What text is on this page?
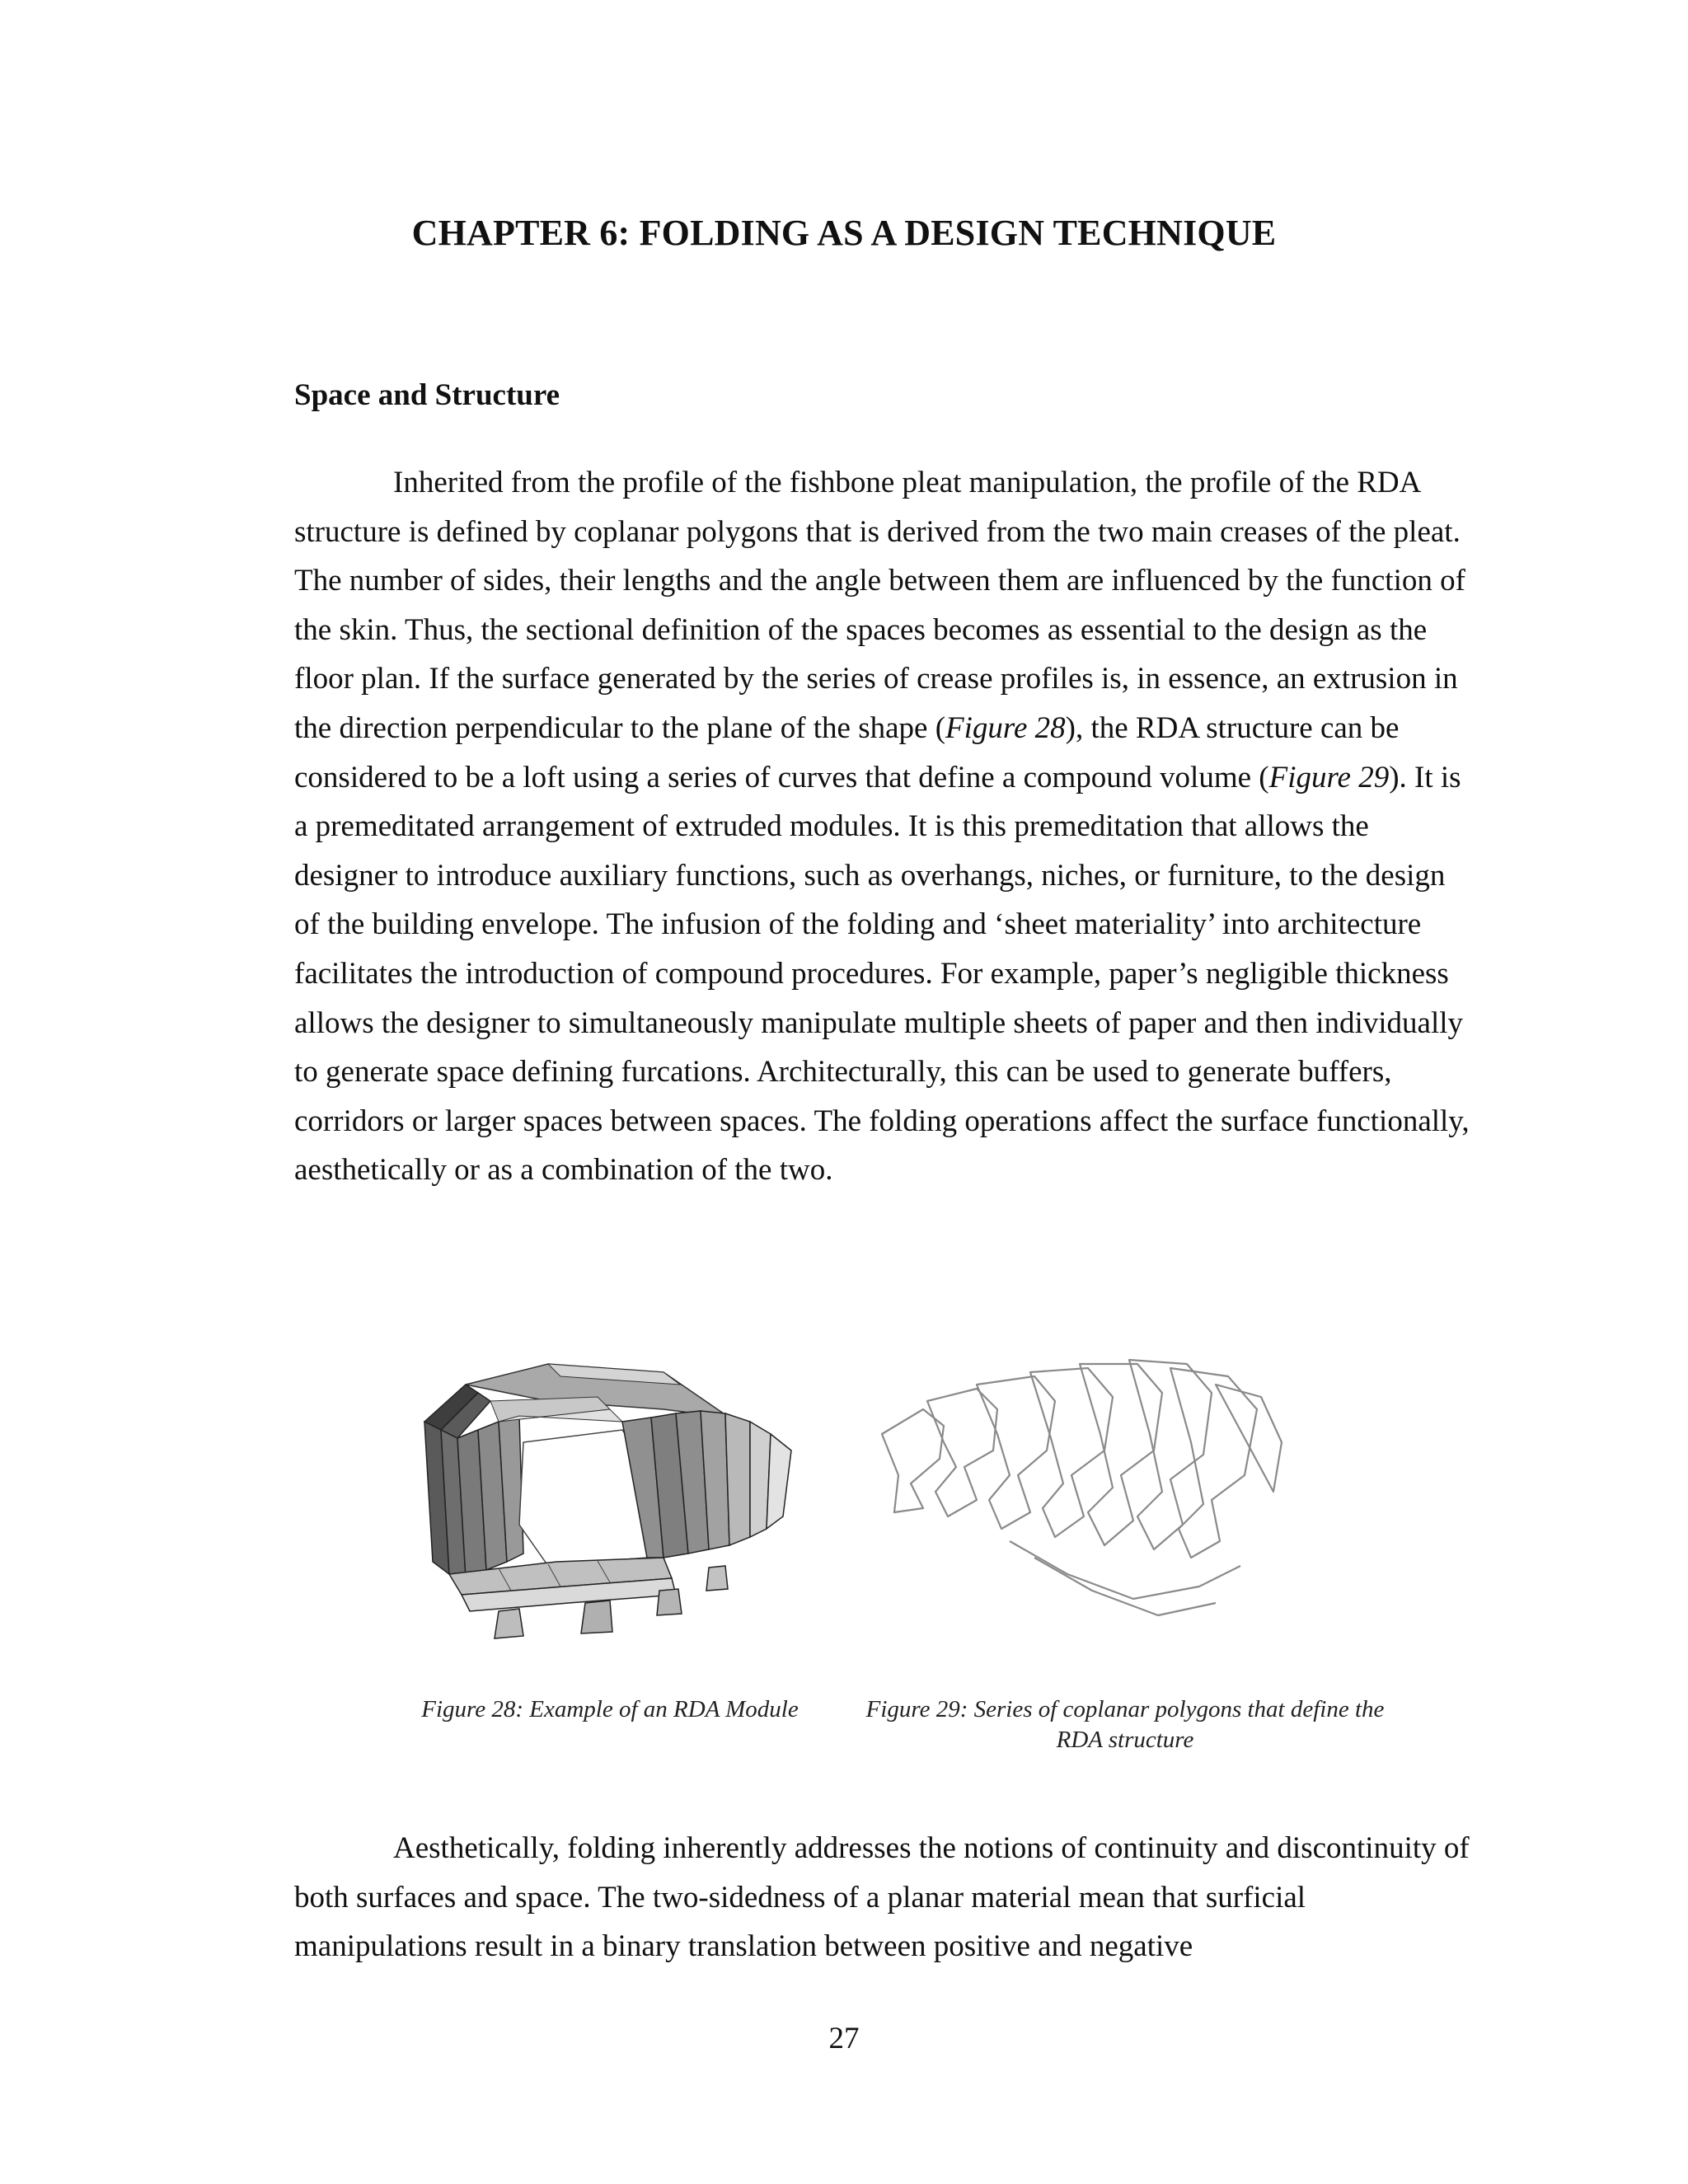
CHAPTER 6: FOLDING AS A DESIGN TECHNIQUE
Space and Structure

Inherited from the profile of the fishbone pleat manipulation, the profile of the RDA structure is defined by coplanar polygons that is derived from the two main creases of the pleat. The number of sides, their lengths and the angle between them are influenced by the function of the skin. Thus, the sectional definition of the spaces becomes as essential to the design as the floor plan. If the surface generated by the series of crease profiles is, in essence, an extrusion in the direction perpendicular to the plane of the shape (Figure 28), the RDA structure can be considered to be a loft using a series of curves that define a compound volume (Figure 29). It is a premeditated arrangement of extruded modules. It is this premeditation that allows the designer to introduce auxiliary functions, such as overhangs, niches, or furniture, to the design of the building envelope. The infusion of the folding and ‘sheet materiality’ into architecture facilitates the introduction of compound procedures. For example, paper’s negligible thickness allows the designer to simultaneously manipulate multiple sheets of paper and then individually to generate space defining furcations. Architecturally, this can be used to generate buffers, corridors or larger spaces between spaces. The folding operations affect the surface functionally, aesthetically or as a combination of the two.

Figure 28: Example of an RDA Module	Figure 29: Series of coplanar polygons that define the RDA structure

Aesthetically, folding inherently addresses the notions of continuity and discontinuity of both surfaces and space. The two-sidedness of a planar material mean that surficial manipulations result in a binary translation between positive and negative

27
